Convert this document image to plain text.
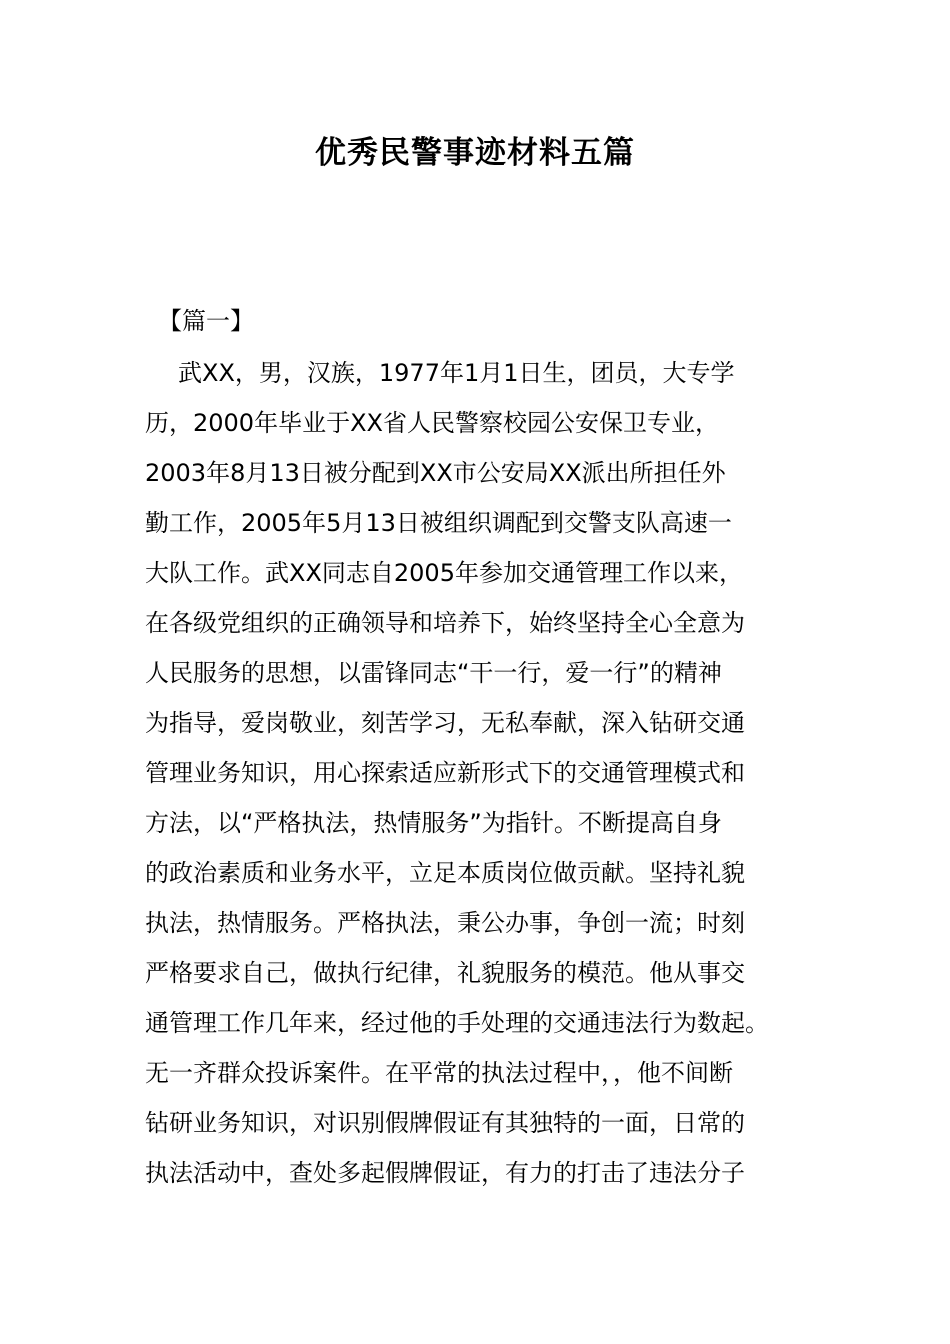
优秀民警事迹材料五篇
【篇一】
武XX，男，汉族，1977年1月1日生，团员，大专学
历，2000年毕业于XX省人民警察校园公安保卫专业，
2003年8月13日被分配到XX市公安局XX派出所担任外
勤工作，2005年5月13日被组织调配到交警支队高速一
大队工作。武XX同志自2005年参加交通管理工作以来，
在各级党组织的正确领导和培养下，始终坚持全心全意为
人民服务的思想，以雷锋同志“干一行，爱一行”的精神
为指导，爱岗敬业，刻苦学习，无私奉献，深入钻研交通
管理业务知识，用心探索适应新形式下的交通管理模式和
方法，以“严格执法，热情服务”为指针。不断提高自身
的政治素质和业务水平，立足本质岗位做贡献。坚持礼貌
执法，热情服务。严格执法，秉公办事，争创一流；时刻
严格要求自己，做执行纪律，礼貌服务的模范。他从事交
通管理工作几年来，经过他的手处理的交通违法行为数起。
无一齐群众投诉案件。在平常的执法过程中，，他不间断
钻研业务知识，对识别假牌假证有其独特的一面，日常的
执法活动中，查处多起假牌假证，有力的打击了违法分子
